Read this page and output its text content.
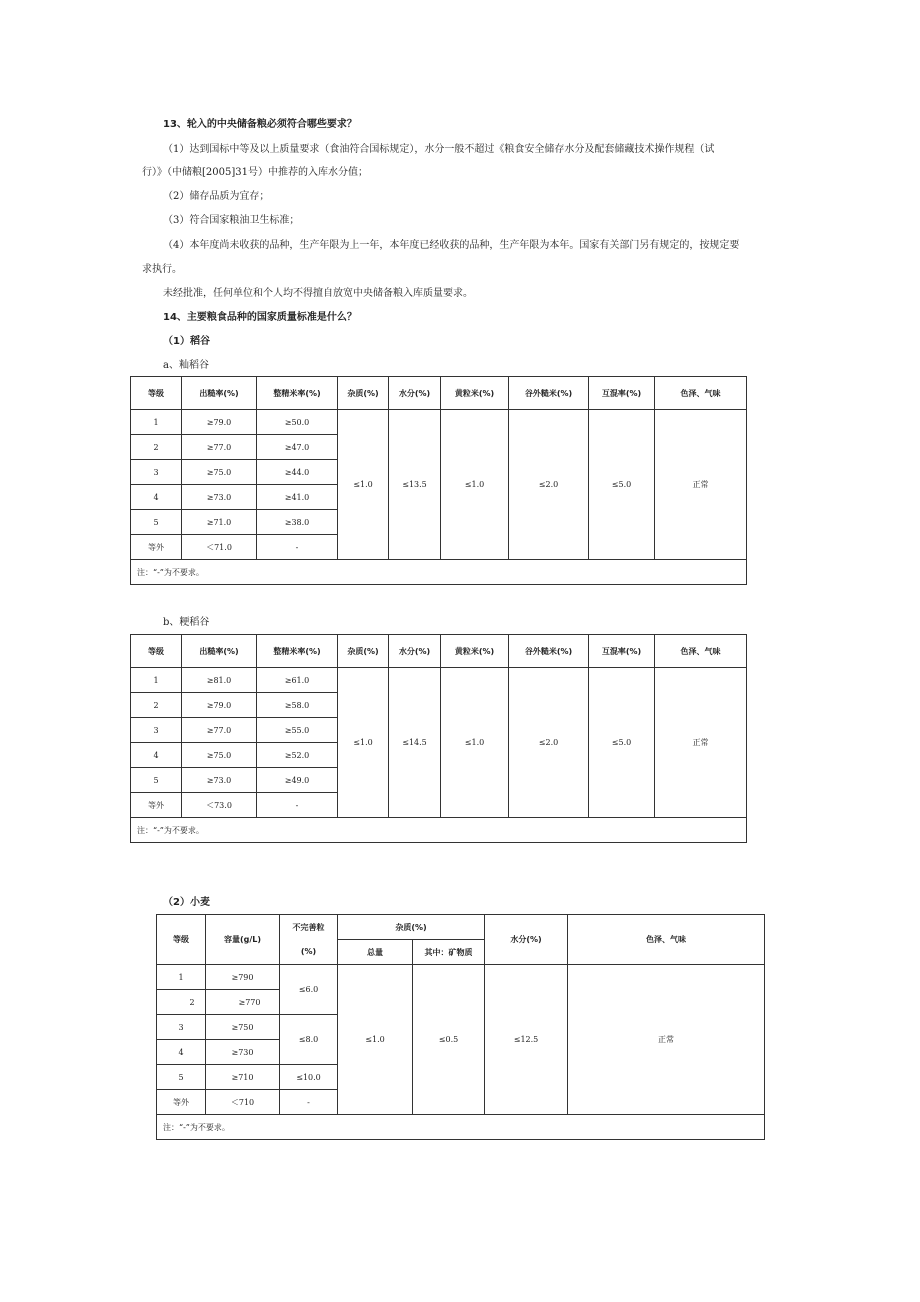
13、轮入的中央储备粮必须符合哪些要求？
（1）达到国标中等及以上质量要求（食油符合国标规定），水分一般不超过《粮食安全储存水分及配套储藏技术操作规程（试
行）》（中储粮[2005]31号）中推荐的入库水分值；
（2）储存品质为宜存；
（3）符合国家粮油卫生标准；
（4）本年度尚未收获的品种，生产年限为上一年，本年度已经收获的品种，生产年限为本年。国家有关部门另有规定的，按规定要
求执行。
未经批准，任何单位和个人均不得擅自放宽中央储备粮入库质量要求。
14、主要粮食品种的国家质量标准是什么？
（1）稻谷
a、籼稻谷
等级	出糙率(%)	整精米率(%)	杂质(%)	水分(%)	黄粒米(%)	谷外糙米(%)	互混率(%)	色泽、气味
1	≥79.0	≥50.0	≤1.0	≤13.5	≤1.0	≤2.0	≤5.0	正常
2	≥77.0	≥47.0						
3	≥75.0	≥44.0						
4	≥73.0	≥41.0						
5	≥71.0	≥38.0						
等外	＜71.0	-						
注：“-”为不要求。								
b、粳稻谷
等级	出糙率(%)	整精米率(%)	杂质(%)	水分(%)	黄粒米(%)	谷外糙米(%)	互混率(%)	色泽、气味
1	≥81.0	≥61.0	≤1.0	≤14.5	≤1.0	≤2.0	≤5.0	正常
2	≥79.0	≥58.0						
3	≥77.0	≥55.0						
4	≥75.0	≥52.0						
5	≥73.0	≥49.0						
等外	＜73.0	-						
注：“-”为不要求。								
（2）小麦
等级	容量(g/L)	不完善粒	杂质(%)		水分(%)	色泽、气味
		(%)	总量	其中：矿物质		
1	≥790	≤6.0	≤1.0	≤0.5	≤12.5	正常
2	≥770					
3	≥750	≤8.0				
4	≥730					
5	≥710	≤10.0				
等外	＜710	-				
注：“-”为不要求。						
